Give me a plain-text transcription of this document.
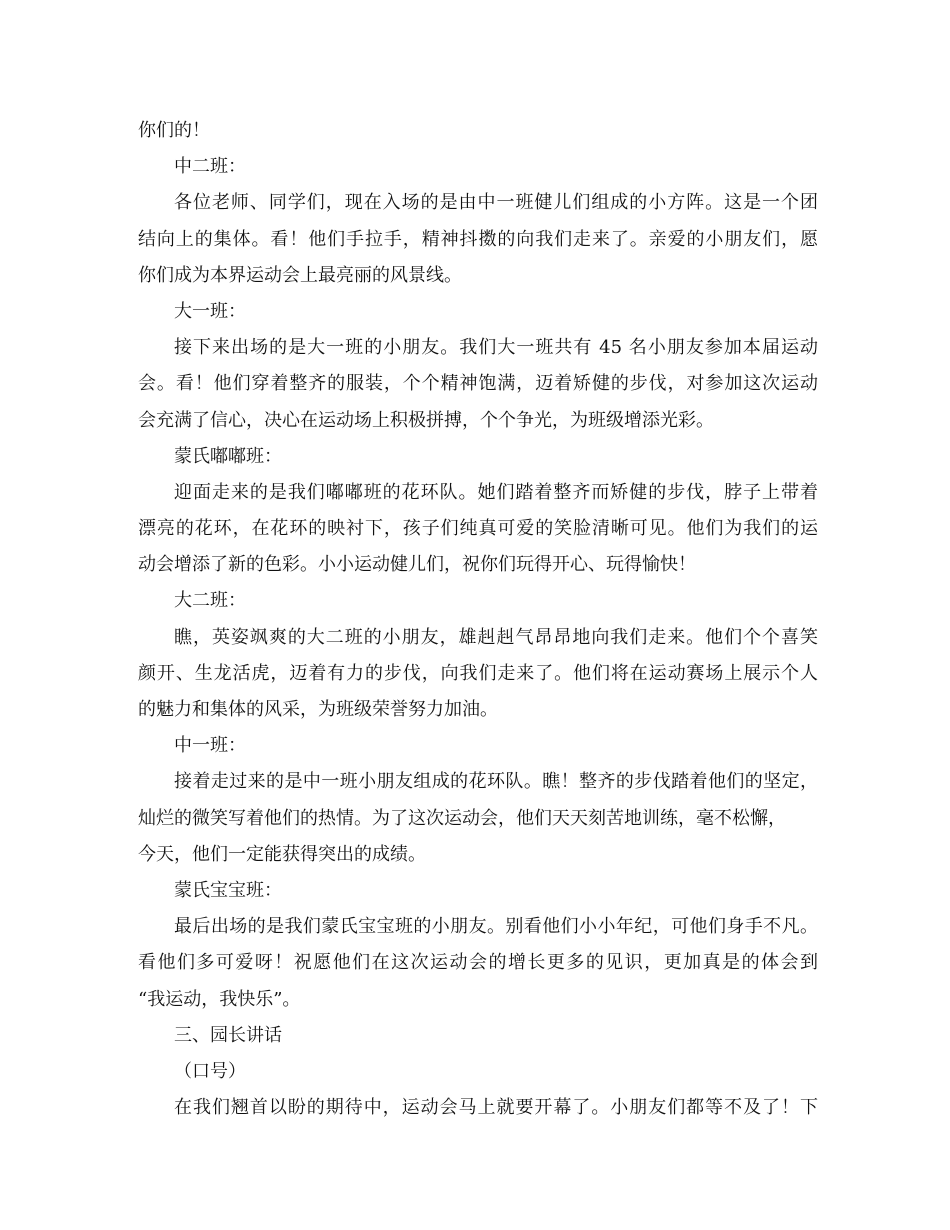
你们的！
中二班：
各位老师、同学们，现在入场的是由中一班健儿们组成的小方阵。这是一个团
结向上的集体。看！他们手拉手，精神抖擞的向我们走来了。亲爱的小朋友们，愿
你们成为本界运动会上最亮丽的风景线。
大一班：
接下来出场的是大一班的小朋友。我们大一班共有 45 名小朋友参加本届运动
会。看！他们穿着整齐的服装，个个精神饱满，迈着矫健的步伐，对参加这次运动
会充满了信心，决心在运动场上积极拼搏，个个争光，为班级增添光彩。
蒙氏嘟嘟班：
迎面走来的是我们嘟嘟班的花环队。她们踏着整齐而矫健的步伐，脖子上带着
漂亮的花环，在花环的映衬下，孩子们纯真可爱的笑脸清晰可见。他们为我们的运
动会增添了新的色彩。小小运动健儿们，祝你们玩得开心、玩得愉快！
大二班：
瞧，英姿飒爽的大二班的小朋友，雄赳赳气昂昂地向我们走来。他们个个喜笑
颜开、生龙活虎，迈着有力的步伐，向我们走来了。他们将在运动赛场上展示个人
的魅力和集体的风采，为班级荣誉努力加油。
中一班：
接着走过来的是中一班小朋友组成的花环队。瞧！整齐的步伐踏着他们的坚定，
灿烂的微笑写着他们的热情。为了这次运动会，他们天天刻苦地训练，毫不松懈，
今天，他们一定能获得突出的成绩。
蒙氏宝宝班：
最后出场的是我们蒙氏宝宝班的小朋友。别看他们小小年纪，可他们身手不凡。
看他们多可爱呀！祝愿他们在这次运动会的增长更多的见识，更加真是的体会到
“我运动，我快乐”。
三、园长讲话
（口号）
在我们翘首以盼的期待中，运动会马上就要开幕了。小朋友们都等不及了！下
